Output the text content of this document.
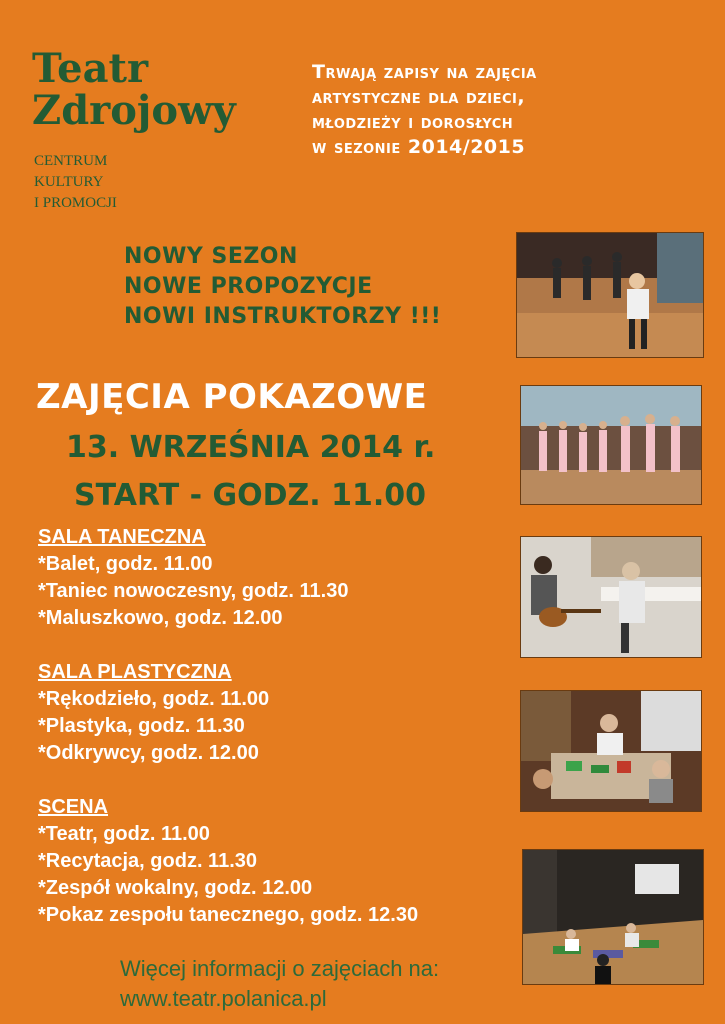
Teatr
Zdrojowy
CENTRUM
KULTURY
I PROMOCJI
Trwają zapisy na zajęcia
artystyczne dla dzieci,
młodzieży i dorosłych
w sezonie 2014/2015
NOWY SEZON
NOWE PROPOZYCJE
NOWI INSTRUKTORZY !!!
ZAJĘCIA POKAZOWE
13. WRZEŚNIA 2014 r.
START - GODZ. 11.00
SALA TANECZNA
*Balet, godz. 11.00
*Taniec nowoczesny, godz. 11.30
*Maluszkowo, godz. 12.00
SALA PLASTYCZNA
*Rękodzieło, godz. 11.00
*Plastyka, godz. 11.30
*Odkrywcy, godz. 12.00
SCENA
*Teatr, godz. 11.00
*Recytacja, godz. 11.30
*Zespół wokalny, godz. 12.00
*Pokaz zespołu tanecznego, godz. 12.30
Więcej informacji o zajęciach na:
www.teatr.polanica.pl
